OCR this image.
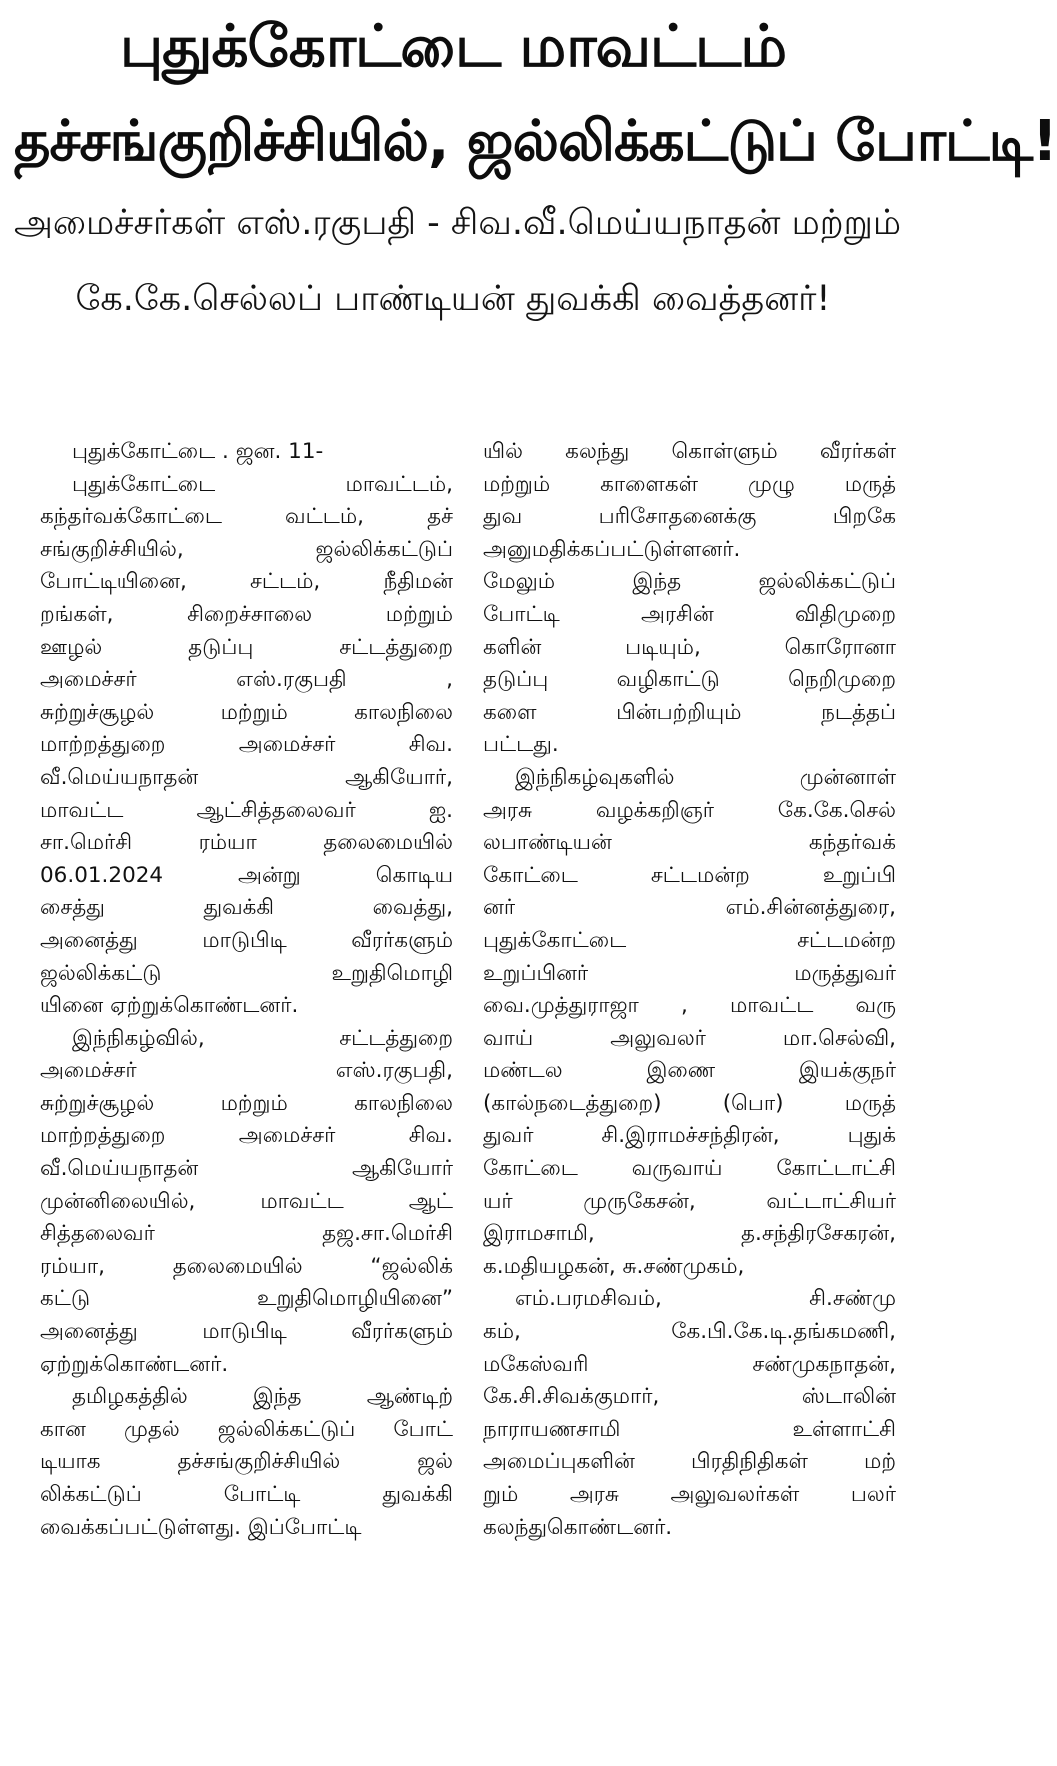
புதுக்கோட்டை மாவட்டம்
தச்சங்குறிச்சியில், ஜல்லிக்கட்டுப் போட்டி!
அமைச்சர்கள் எஸ்.ரகுபதி - சிவ.வீ.மெய்யநாதன் மற்றும்
கே.கே.செல்லப் பாண்டியன் துவக்கி வைத்தனர்!
புதுக்கோட்டை . ஜன. 11-
புதுக்கோட்டை மாவட்டம்,
கந்தர்வக்கோட்டை வட்டம், தச்
சங்குறிச்சியில், ஜல்லிக்கட்டுப்
போட்டியினை, சட்டம், நீதிமன்
றங்கள், சிறைச்சாலை மற்றும்
ஊழல் தடுப்பு சட்டத்துறை
அமைச்சர் எஸ்.ரகுபதி ,
சுற்றுச்சூழல் மற்றும் காலநிலை
மாற்றத்துறை அமைச்சர் சிவ.
வீ.மெய்யநாதன் ஆகியோர்,
மாவட்ட ஆட்சித்தலைவர் ஐ.
சா.மெர்சி ரம்யா தலைமையில்
06.01.2024 அன்று கொடிய
சைத்து துவக்கி வைத்து,
அனைத்து மாடுபிடி வீரர்களும்
ஜல்லிக்கட்டு உறுதிமொழி
யினை ஏற்றுக்கொண்டனர்.
இந்நிகழ்வில், சட்டத்துறை
அமைச்சர் எஸ்.ரகுபதி,
சுற்றுச்சூழல் மற்றும் காலநிலை
மாற்றத்துறை அமைச்சர் சிவ.
வீ.மெய்யநாதன் ஆகியோர்
முன்னிலையில், மாவட்ட ஆட்
சித்தலைவர் தஜ.சா.மெர்சி
ரம்யா, தலைமையில் “ஜல்லிக்
கட்டு உறுதிமொழியினை”
அனைத்து மாடுபிடி வீரர்களும்
ஏற்றுக்கொண்டனர்.
தமிழகத்தில் இந்த ஆண்டிற்
கான முதல் ஜல்லிக்கட்டுப் போட்
டியாக தச்சங்குறிச்சியில் ஜல்
லிக்கட்டுப் போட்டி துவக்கி
வைக்கப்பட்டுள்ளது. இப்போட்டி
யில் கலந்து கொள்ளும் வீரர்கள்
மற்றும் காளைகள் முழு மருத்
துவ பரிசோதனைக்கு பிறகே
அனுமதிக்கப்பட்டுள்ளனர்.
மேலும் இந்த ஜல்லிக்கட்டுப்
போட்டி அரசின் விதிமுறை
களின் படியும், கொரோனா
தடுப்பு வழிகாட்டு நெறிமுறை
களை பின்பற்றியும் நடத்தப்
பட்டது.
இந்நிகழ்வுகளில் முன்னாள்
அரசு வழக்கறிஞர் கே.கே.செல்
லபாண்டியன் கந்தர்வக்
கோட்டை சட்டமன்ற உறுப்பி
னர் எம்.சின்னத்துரை,
புதுக்கோட்டை சட்டமன்ற
உறுப்பினர் மருத்துவர்
வை.முத்துராஜா , மாவட்ட வரு
வாய் அலுவலர் மா.செல்வி,
மண்டல இணை இயக்குநர்
(கால்நடைத்துறை) (பொ) மருத்
துவர் சி.இராமச்சந்திரன், புதுக்
கோட்டை வருவாய் கோட்டாட்சி
யர் முருகேசன், வட்டாட்சியர்
இராமசாமி, த.சந்திரசேகரன்,
க.மதியழகன், சு.சண்முகம்,
எம்.பரமசிவம், சி.சண்மு
கம், கே.பி.கே.டி.தங்கமணி,
மகேஸ்வரி சண்முகநாதன்,
கே.சி.சிவக்குமார், ஸ்டாலின்
நாராயணசாமி உள்ளாட்சி
அமைப்புகளின் பிரதிநிதிகள் மற்
றும் அரசு அலுவலர்கள் பலர்
கலந்துகொண்டனர்.
